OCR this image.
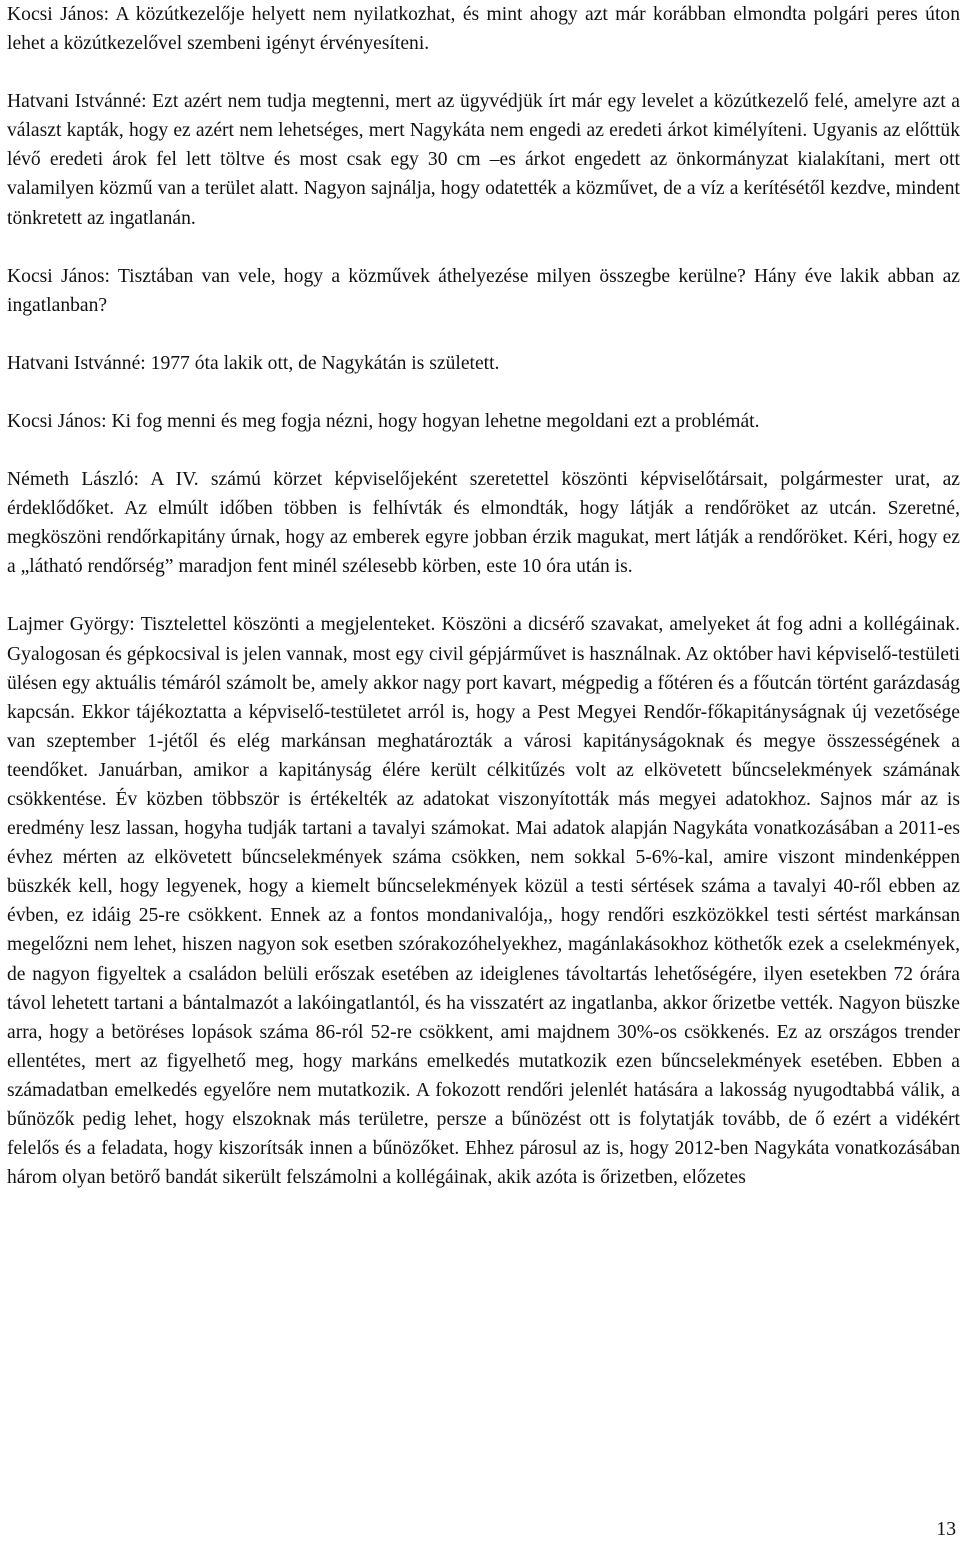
Kocsi János: A közútkezelője helyett nem nyilatkozhat, és mint ahogy azt már korábban elmondta polgári peres úton lehet a közútkezelővel szembeni igényt érvényesíteni.

Hatvani Istvánné: Ezt azért nem tudja megtenni, mert az ügyvédjük írt már egy levelet a közútkezelő felé, amelyre azt a választ kapták, hogy ez azért nem lehetséges, mert Nagykáta nem engedi az eredeti árkot kimélyíteni. Ugyanis az előttük lévő eredeti árok fel lett töltve és most csak egy 30 cm –es árkot engedett az önkormányzat kialakítani, mert ott valamilyen közmű van a terület alatt. Nagyon sajnálja, hogy odatették a közművet, de a víz a kerítésétől kezdve, mindent tönkretett az ingatlanán.

Kocsi János: Tisztában van vele, hogy a közművek áthelyezése milyen összegbe kerülne? Hány éve lakik abban az ingatlanban?

Hatvani Istvánné: 1977 óta lakik ott, de Nagykátán is született.

Kocsi János: Ki fog menni és meg fogja nézni, hogy hogyan lehetne megoldani ezt a problémát.

Németh László: A IV. számú körzet képviselőjeként szeretettel köszönti képviselőtársait, polgármester urat, az érdeklődőket. Az elmúlt időben többen is felhívták és elmondták, hogy látják a rendőröket az utcán. Szeretné, megköszöni rendőrkapitány úrnak, hogy az emberek egyre jobban érzik magukat, mert látják a rendőröket. Kéri, hogy ez a „látható rendőrség” maradjon fent minél szélesebb körben, este 10 óra után is.

Lajmer György: Tisztelettel köszönti a megjelenteket. Köszöni a dicsérő szavakat, amelyeket át fog adni a kollégáinak. Gyalogosan és gépkocsival is jelen vannak, most egy civil gépjárművet is használnak. Az október havi képviselő-testületi ülésen egy aktuális témáról számolt be, amely akkor nagy port kavart, mégpedig a főtéren és a főutcán történt garázdaság kapcsán. Ekkor tájékoztatta a képviselő-testületet arról is, hogy a Pest Megyei Rendőr-főkapitányságnak új vezetősége van szeptember 1-jétől és elég markánsan meghatározták a városi kapitányságoknak és megye összességének a teendőket. Januárban, amikor a kapitányság élére került célkitűzés volt az elkövetett bűncselekmények számának csökkentése. Év közben többször is értékelték az adatokat viszonyították más megyei adatokhoz. Sajnos már az is eredmény lesz lassan, hogyha tudják tartani a tavalyi számokat. Mai adatok alapján Nagykáta vonatkozásában a 2011-es évhez mérten az elkövetett bűncselekmények száma csökken, nem sokkal 5-6%-kal, amire viszont mindenképpen büszkék kell, hogy legyenek, hogy a kiemelt bűncselekmények közül a testi sértések száma a tavalyi 40-ről ebben az évben, ez idáig 25-re csökkent. Ennek az a fontos mondanivalója,, hogy rendőri eszközökkel testi sértést markánsan megelőzni nem lehet, hiszen nagyon sok esetben szórakozóhelyekhez, magánlakásokhoz köthetők ezek a cselekmények, de nagyon figyeltek a családon belüli erőszak esetében az ideiglenes távoltartás lehetőségére, ilyen esetekben 72 órára távol lehetett tartani a bántalmazót a lakóingatlantól, és ha visszatért az ingatlanba, akkor őrizetbe vették. Nagyon büszke arra, hogy a betöréses lopások száma 86-ról 52-re csökkent, ami majdnem 30%-os csökkenés. Ez az országos trender ellentétes, mert az figyelhető meg, hogy markáns emelkedés mutatkozik ezen bűncselekmények esetében. Ebben a számadatban emelkedés egyelőre nem mutatkozik. A fokozott rendőri jelenlét hatására a lakosság nyugodtabbá válik, a bűnözők pedig lehet, hogy elszoknak más területre, persze a bűnözést ott is folytatják tovább, de ő ezért a vidékért felelős és a feladata, hogy kiszorítsák innen a bűnözőket. Ehhez párosul az is, hogy 2012-ben Nagykáta vonatkozásában három olyan betörő bandát sikerült felszámolni a kollégáinak, akik azóta is őrizetben, előzetes

13
